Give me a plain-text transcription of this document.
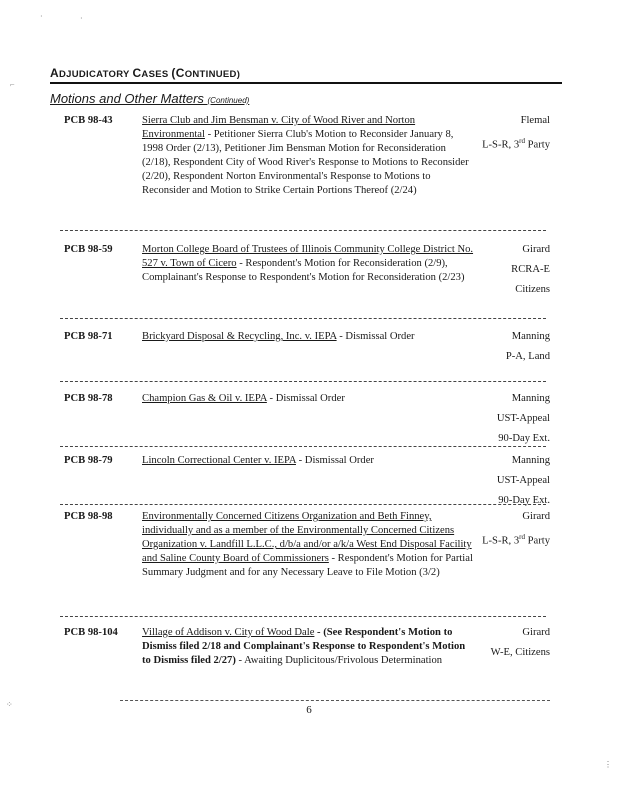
ADJUDICATORY CASES (CONTINUED)
Motions and Other Matters (Continued)
PCB 98-43	Sierra Club and Jim Bensman v. City of Wood River and Norton Environmental - Petitioner Sierra Club's Motion to Reconsider January 8, 1998 Order (2/13), Petitioner Jim Bensman Motion for Reconsideration (2/18), Respondent City of Wood River's Response to Motions to Reconsider (2/20), Respondent Norton Environmental's Response to Motions to Reconsider and Motion to Strike Certain Portions Thereof (2/24)
Flemal
L-S-R, 3rd Party
PCB 98-59	Morton College Board of Trustees of Illinois Community College District No. 527 v. Town of Cicero - Respondent's Motion for Reconsideration (2/9), Complainant's Response to Respondent's Motion for Reconsideration (2/23)
Girard
RCRA-E
Citizens
PCB 98-71	Brickyard Disposal & Recycling, Inc. v. IEPA - Dismissal Order	Manning
P-A, Land
PCB 98-78	Champion Gas & Oil v. IEPA - Dismissal Order	Manning
UST-Appeal
90-Day Ext.
PCB 98-79	Lincoln Correctional Center v. IEPA - Dismissal Order	Manning
UST-Appeal
90-Day Ext.
PCB 98-98	Environmentally Concerned Citizens Organization and Beth Finney, individually and as a member of the Environmentally Concerned Citizens Organization v. Landfill L.L.C., d/b/a and/or a/k/a West End Disposal Facility and Saline County Board of Commissioners - Respondent's Motion for Partial Summary Judgment and for any Necessary Leave to File Motion (3/2)
Girard
L-S-R, 3rd Party
PCB 98-104	Village of Addison v. City of Wood Dale - (See Respondent's Motion to Dismiss filed 2/18 and Complainant's Response to Respondent's Motion to Dismiss filed 2/27) - Awaiting Duplicitous/Frivolous Determination
Girard
W-E, Citizens
6
·	·
⌐
⁘
⋮
